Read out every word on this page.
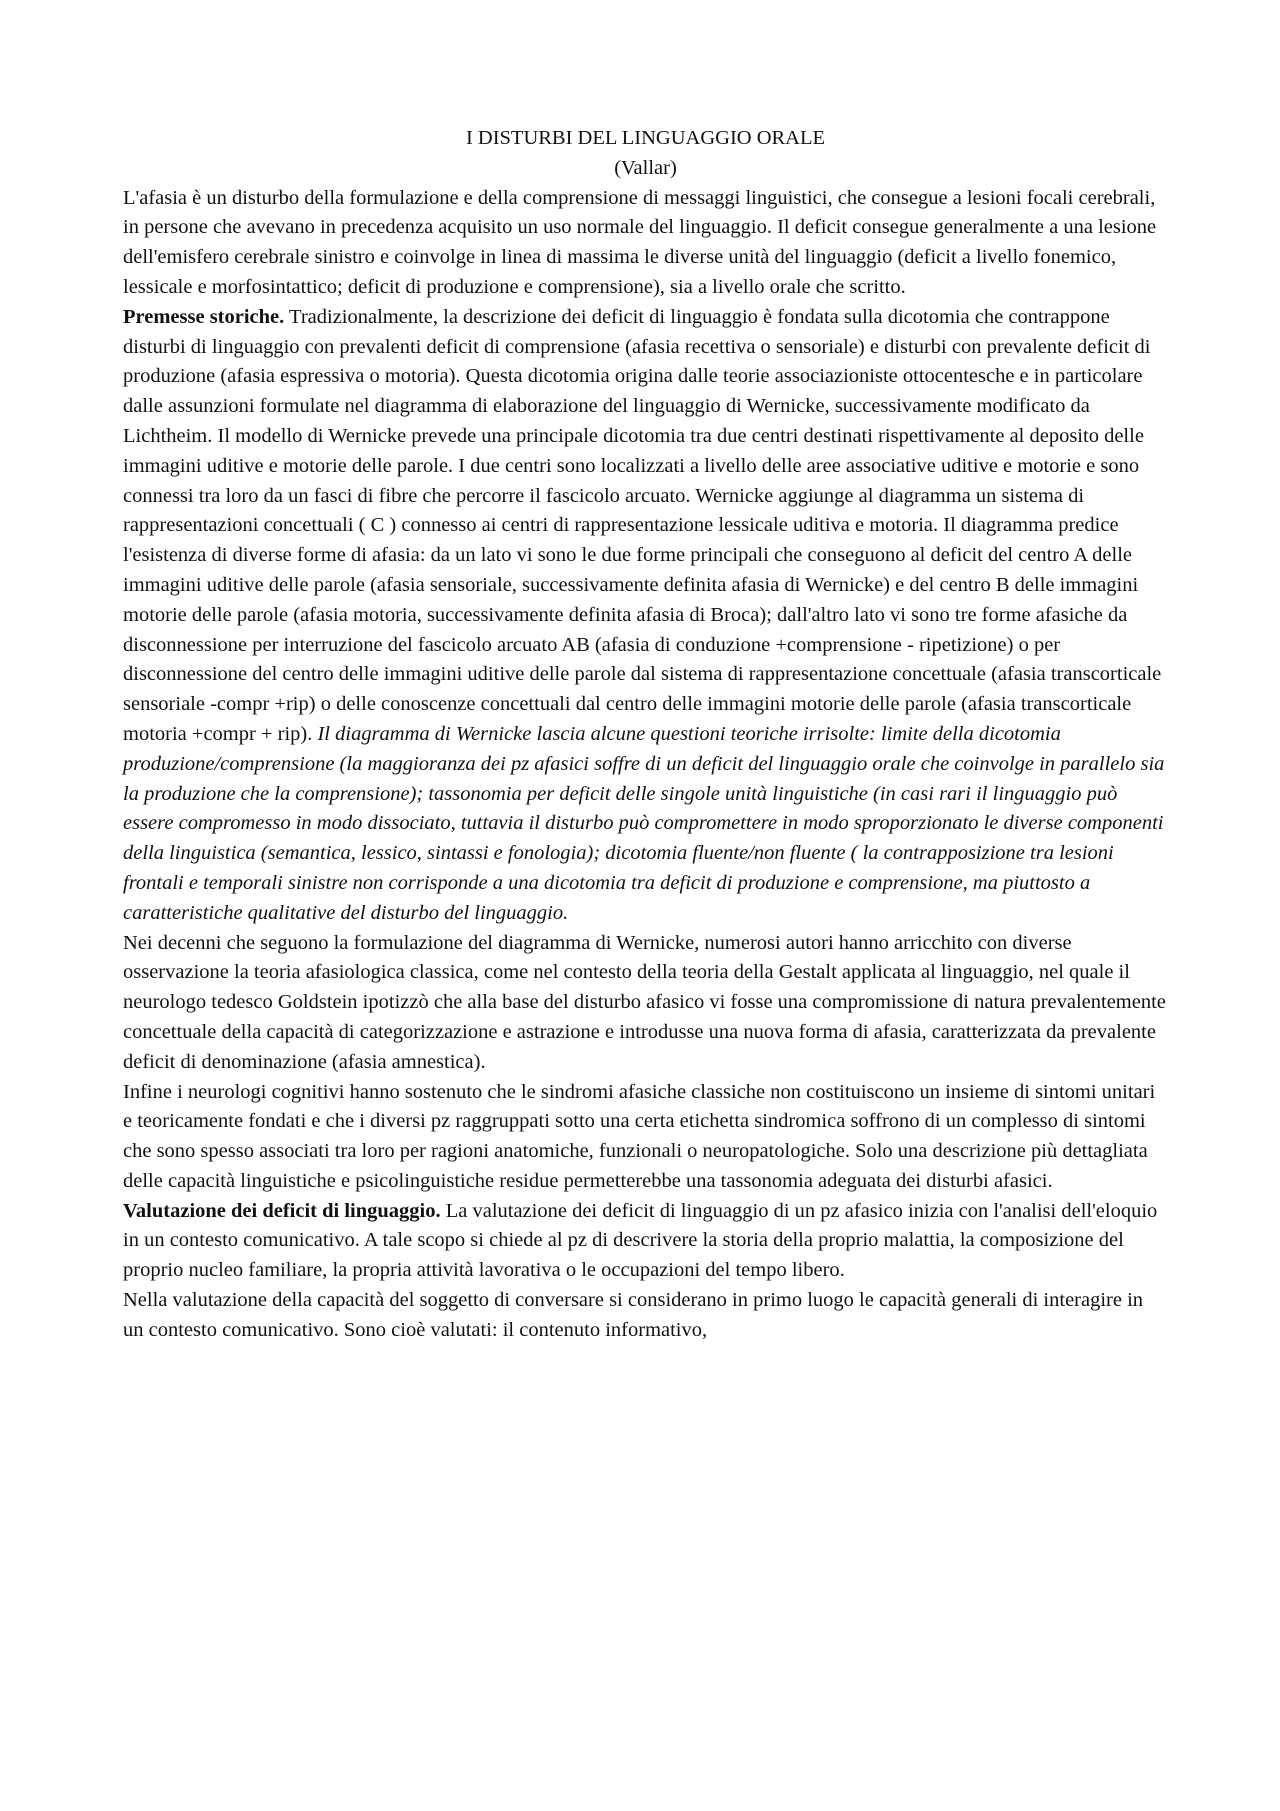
I DISTURBI DEL LINGUAGGIO ORALE

(Vallar)

L'afasia è un disturbo della formulazione e della comprensione di messaggi linguistici, che consegue a lesioni focali cerebrali, in persone che avevano in precedenza acquisito un uso normale del linguaggio. Il deficit consegue generalmente a una lesione dell'emisfero cerebrale sinistro e coinvolge in linea di massima le diverse unità del linguaggio (deficit a livello fonemico, lessicale e morfosintattico; deficit di produzione e comprensione), sia a livello orale che scritto.

Premesse storiche. Tradizionalmente, la descrizione dei deficit di linguaggio è fondata sulla dicotomia che contrappone disturbi di linguaggio con prevalenti deficit di comprensione (afasia recettiva o sensoriale) e disturbi con prevalente deficit di produzione (afasia espressiva o motoria). Questa dicotomia origina dalle teorie associazioniste ottocentesche e in particolare dalle assunzioni formulate nel diagramma di elaborazione del linguaggio di Wernicke, successivamente modificato da Lichtheim. Il modello di Wernicke prevede una principale dicotomia tra due centri destinati rispettivamente al deposito delle immagini uditive e motorie delle parole. I due centri sono localizzati a livello delle aree associative uditive e motorie e sono connessi tra loro da un fasci di fibre che percorre il fascicolo arcuato. Wernicke aggiunge al diagramma un sistema di rappresentazioni concettuali ( C ) connesso ai centri di rappresentazione lessicale uditiva e motoria. Il diagramma predice l'esistenza di diverse forme di afasia: da un lato vi sono le due forme principali che conseguono al deficit del centro A delle immagini uditive delle parole (afasia sensoriale, successivamente definita afasia di Wernicke) e del centro B delle immagini motorie delle parole (afasia motoria, successivamente definita afasia di Broca); dall'altro lato vi sono tre forme afasiche da disconnessione per interruzione del fascicolo arcuato AB (afasia di conduzione +comprensione - ripetizione) o per disconnessione del centro delle immagini uditive delle parole dal sistema di rappresentazione concettuale (afasia transcorticale sensoriale -compr +rip) o delle conoscenze concettuali dal centro delle immagini motorie delle parole (afasia transcorticale motoria +compr + rip). Il diagramma di Wernicke lascia alcune questioni teoriche irrisolte: limite della dicotomia produzione/comprensione (la maggioranza dei pz afasici soffre di un deficit del linguaggio orale che coinvolge in parallelo sia la produzione che la comprensione); tassonomia per deficit delle singole unità linguistiche (in casi rari il linguaggio può essere compromesso in modo dissociato, tuttavia il disturbo può compromettere in modo sproporzionato le diverse componenti della linguistica (semantica, lessico, sintassi e fonologia); dicotomia fluente/non fluente ( la contrapposizione tra lesioni frontali e temporali sinistre non corrisponde a una dicotomia tra deficit di produzione e comprensione, ma piuttosto a caratteristiche qualitative del disturbo del linguaggio.

Nei decenni che seguono la formulazione del diagramma di Wernicke, numerosi autori hanno arricchito con diverse osservazione la teoria afasiologica classica, come nel contesto della teoria della Gestalt applicata al linguaggio, nel quale il neurologo tedesco Goldstein ipotizzò che alla base del disturbo afasico vi fosse una compromissione di natura prevalentemente concettuale della capacità di categorizzazione e astrazione e introdusse una nuova forma di afasia, caratterizzata da prevalente deficit di denominazione (afasia amnestica).

Infine i neurologi cognitivi hanno sostenuto che le sindromi afasiche classiche non costituiscono un insieme di sintomi unitari e teoricamente fondati e che i diversi pz raggruppati sotto una certa etichetta sindromica soffrono di un complesso di sintomi che sono spesso associati tra loro per ragioni anatomiche, funzionali o neuropatologiche. Solo una descrizione più dettagliata delle capacità linguistiche e psicolinguistiche residue permetterebbe una tassonomia adeguata dei disturbi afasici.

Valutazione dei deficit di linguaggio. La valutazione dei deficit di linguaggio di un pz afasico inizia con l'analisi dell'eloquio in un contesto comunicativo. A tale scopo si chiede al pz di descrivere la storia della proprio malattia, la composizione del proprio nucleo familiare, la propria attività lavorativa o le occupazioni del tempo libero.

Nella valutazione della capacità del soggetto di conversare si considerano in primo luogo le capacità generali di interagire in un contesto comunicativo. Sono cioè valutati: il contenuto informativo,
